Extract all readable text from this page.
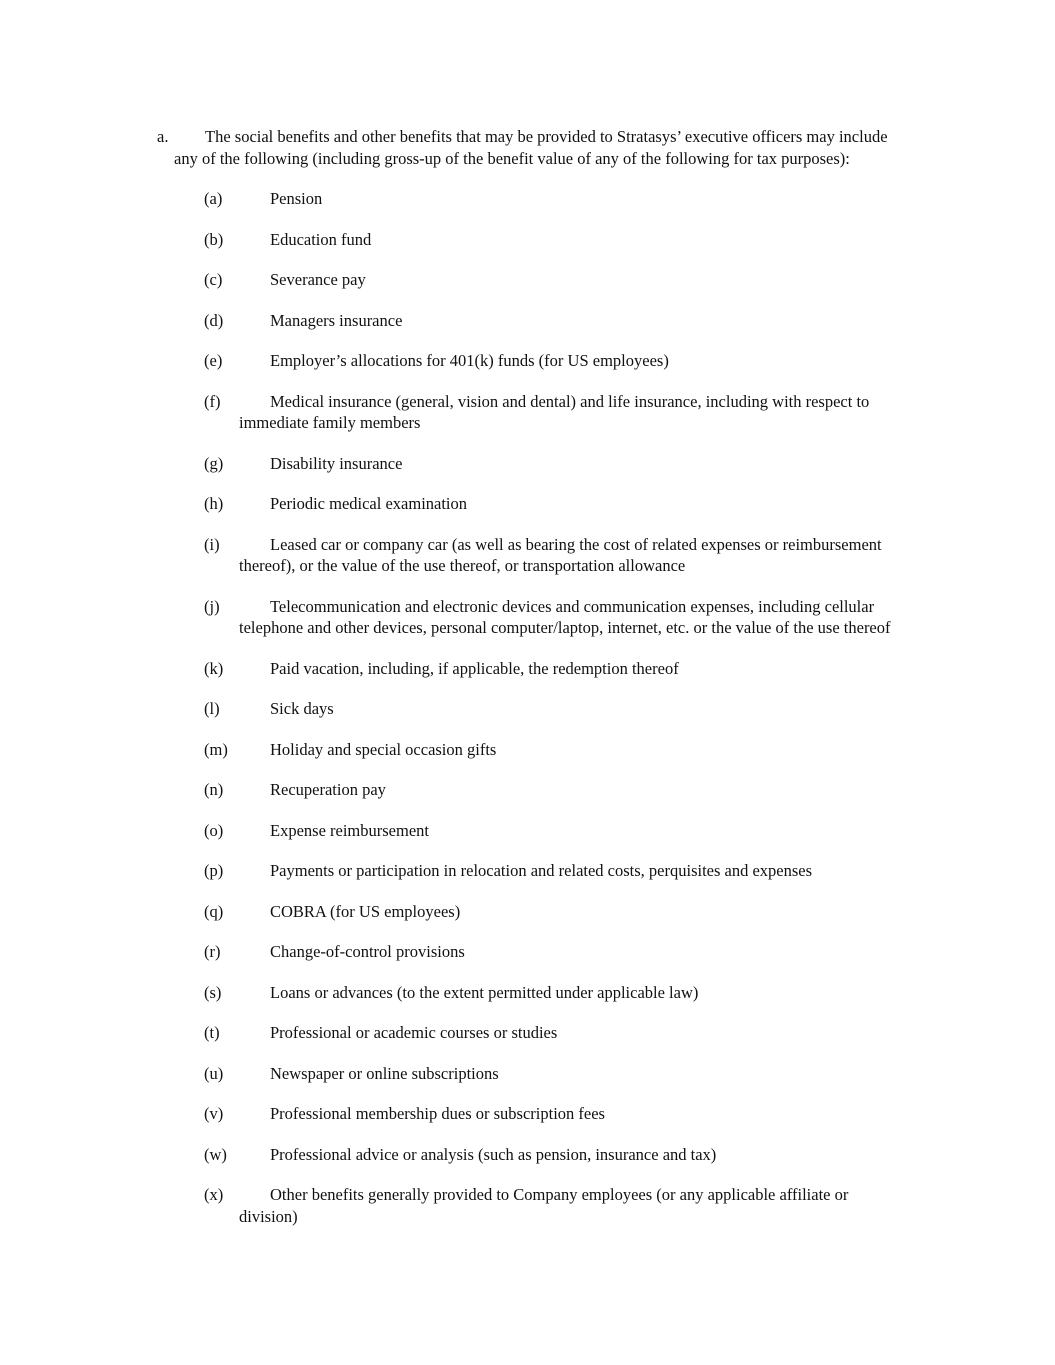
a. The social benefits and other benefits that may be provided to Stratasys’ executive officers may include
any of the following (including gross-up of the benefit value of any of the following for tax purposes):
(a)	Pension
(b)	Education fund
(c)	Severance pay
(d)	Managers insurance
(e)	Employer’s allocations for 401(k) funds (for US employees)
(f)	Medical insurance (general, vision and dental) and life insurance, including with respect to
immediate family members
(g)	Disability insurance
(h)	Periodic medical examination
(i)	Leased car or company car (as well as bearing the cost of related expenses or reimbursement
thereof), or the value of the use thereof, or transportation allowance
(j)	Telecommunication and electronic devices and communication expenses, including cellular
telephone and other devices, personal computer/laptop, internet, etc. or the value of the use thereof
(k)	Paid vacation, including, if applicable, the redemption thereof
(l)	Sick days
(m)	Holiday and special occasion gifts
(n)	Recuperation pay
(o)	Expense reimbursement
(p)	Payments or participation in relocation and related costs, perquisites and expenses
(q)	COBRA (for US employees)
(r)	Change-of-control provisions
(s)	Loans or advances (to the extent permitted under applicable law)
(t)	Professional or academic courses or studies
(u)	Newspaper or online subscriptions
(v)	Professional membership dues or subscription fees
(w)	Professional advice or analysis (such as pension, insurance and tax)
(x)	Other benefits generally provided to Company employees (or any applicable affiliate or
division)
